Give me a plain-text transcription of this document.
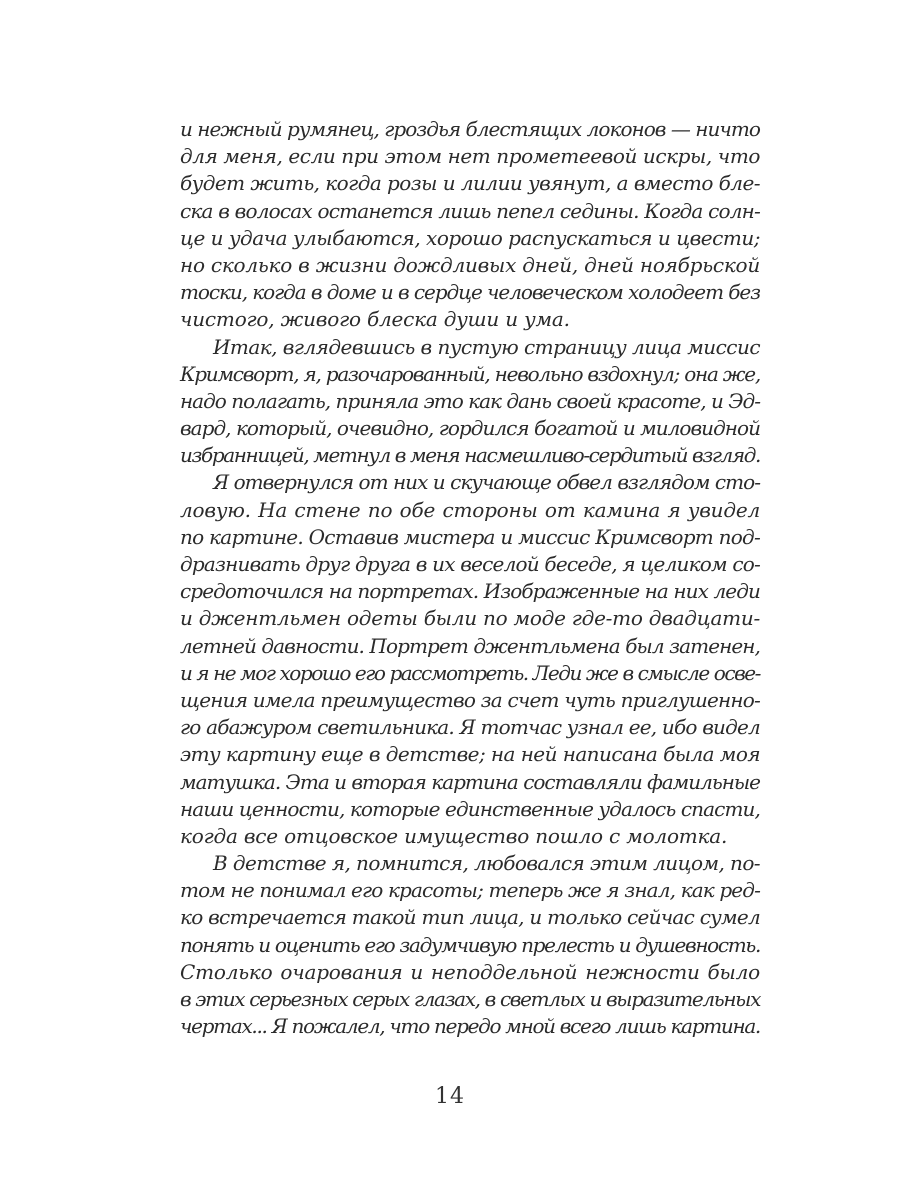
и нежный румянец, гроздья блестящих локонов — ничто
для меня, если при этом нет прометеевой искры, что
будет жить, когда розы и лилии увянут, а вместо бле-
ска в волосах останется лишь пепел седины. Когда солн-
це и удача улыбаются, хорошо распускаться и цвести;
но сколько в жизни дождливых дней, дней ноябрьской
тоски, когда в доме и в сердце человеческом холодеет без
чистого, живого блеска души и ума.
Итак, вглядевшись в пустую страницу лица миссис
Кримсворт, я, разочарованный, невольно вздохнул; она же,
надо полагать, приняла это как дань своей красоте, и Эд-
вард, который, очевидно, гордился богатой и миловидной
избранницей, метнул в меня насмешливо-сердитый взгляд.
Я отвернулся от них и скучающе обвел взглядом сто-
ловую. На стене по обе стороны от камина я увидел
по картине. Оставив мистера и миссис Кримсворт под-
дразнивать друг друга в их веселой беседе, я целиком со-
средоточился на портретах. Изображенные на них леди
и джентльмен одеты были по моде где-то двадцати-
летней давности. Портрет джентльмена был затенен,
и я не мог хорошо его рассмотреть. Леди же в смысле осве-
щения имела преимущество за счет чуть приглушенно-
го абажуром светильника. Я тотчас узнал ее, ибо видел
эту картину еще в детстве; на ней написана была моя
матушка. Эта и вторая картина составляли фамильные
наши ценности, которые единственные удалось спасти,
когда все отцовское имущество пошло с молотка.
В детстве я, помнится, любовался этим лицом, по-
том не понимал его красоты; теперь же я знал, как ред-
ко встречается такой тип лица, и только сейчас сумел
понять и оценить его задумчивую прелесть и душевность.
Столько очарования и неподдельной нежности было
в этих серьезных серых глазах, в светлых и выразительных
чертах... Я пожалел, что передо мной всего лишь картина.
14
